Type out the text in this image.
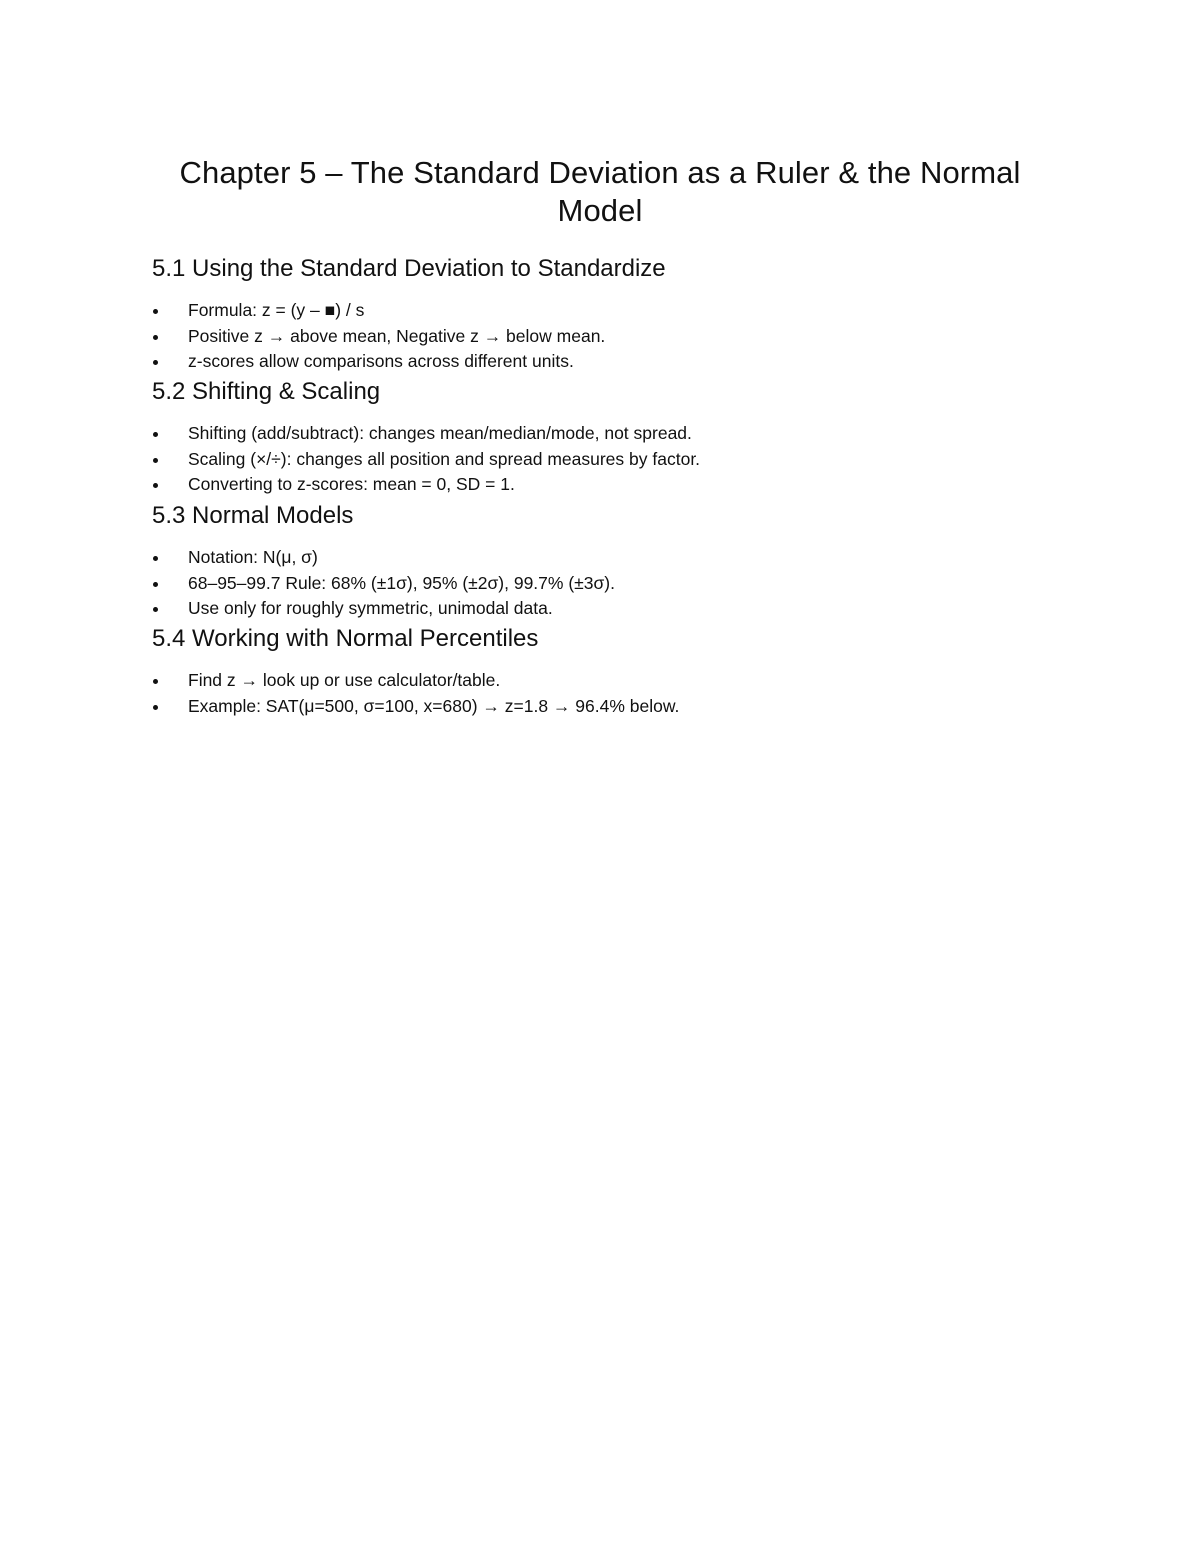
Chapter 5 – The Standard Deviation as a Ruler & the Normal Model
5.1 Using the Standard Deviation to Standardize
Formula: z = (y – ■) / s
Positive z → above mean, Negative z → below mean.
z-scores allow comparisons across different units.
5.2 Shifting & Scaling
Shifting (add/subtract): changes mean/median/mode, not spread.
Scaling (×/÷): changes all position and spread measures by factor.
Converting to z-scores: mean = 0, SD = 1.
5.3 Normal Models
Notation: N(μ, σ)
68–95–99.7 Rule: 68% (±1σ), 95% (±2σ), 99.7% (±3σ).
Use only for roughly symmetric, unimodal data.
5.4 Working with Normal Percentiles
Find z → look up or use calculator/table.
Example: SAT(μ=500, σ=100, x=680) → z=1.8 → 96.4% below.
